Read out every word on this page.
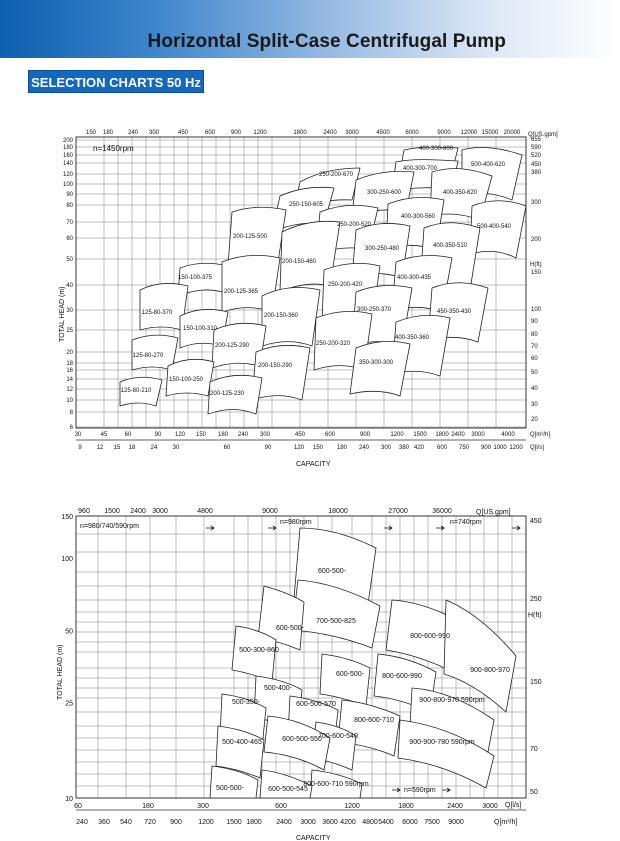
Horizontal Split-Case Centrifugal Pump
SELECTION CHARTS 50 Hz
400-300-800
400-300-700
500-400-620
250-200-670
300-250-600	400-350-620
250-150-605
400-300-560
250-200-520	500-400-540
200-125-500
300-250-480	400-350-510
200-150-460
150-100-375	400-300-435
250-200-420
200-125-365
125-80-370	300-250-370	450-350-430
200-150-360
150-100-310
400-350-360
250-200-320
200-125-290
125-80-270
350-300-300
200-150-290
150-100-250
125-80-210	200-125-230
200
180
160
140
120
100
90
80
70
60
50
40
30
25
20
18
16
14
12
10
8
6
150 180 240 300	450	600	900 1200	1800	2400 3000	4500	6000	9000 12000 15000 20000
30	45	60	90 120 150 180 240 300	450	600	900	1200 1500 1800 2400 3000	4000
9 12 15 18	24	30	60	90	120 150 180 240 300 380 420 600 750 900 1000 1200
655
590
520
450
380
300
200
150
100
90
80
70
60
50
40
30
20
n=1450rpm
Q[US.gpm]
Q[m³/h]
Q[l/s]
H(ft)
CAPACITY
TOTAL HEAD (m)
600-500-
700-500-825
600-500-
800-600-990
500-300-860
900-800-970
600-500-	800-600-990
500-400-
900-800-970 590rpm
600-500-570
500-350-
800-600-710
700-600-540
500-400-465	600-500-550	900-900-780 590rpm
800-600-710 590rpm
500-500-	600-500-545
150
100
50
25
10
450
250
150
70
50
960 1500 2400 3000	4800	9000	18000	27000	36000
60	180	300	600	1200	1800	2400	3000
240 360 540 720 900 1200 1500 1800 2400 3000 3600 4200 4800 5400 6000 7500 9000
n=980/740/590rpm
n=980rpm	n=740rpm
n=590rpm
Q[US.gpm]
Q[l/s]
Q[m³/h]
H(ft)
CAPACITY
TOTAL HEAD (m)
